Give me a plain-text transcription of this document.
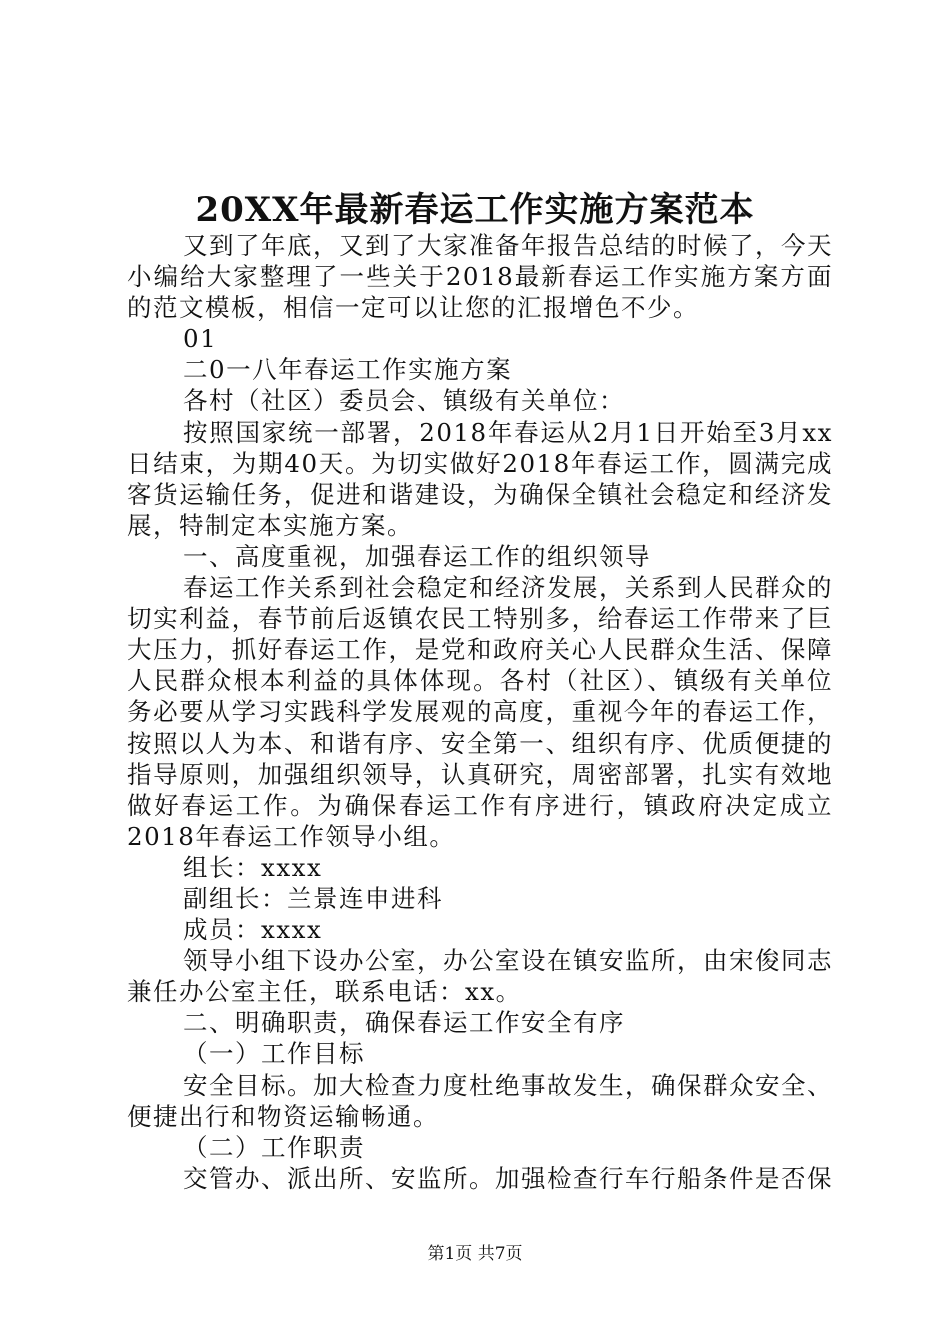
20XX年最新春运工作实施方案范本

又到了年底，又到了大家准备年报告总结的时候了，今天小编给大家整理了一些关于2018最新春运工作实施方案方面的范文模板，相信一定可以让您的汇报增色不少。

01

二0一八年春运工作实施方案

各村（社区）委员会、镇级有关单位：

按照国家统一部署，2018年春运从2月1日开始至3月xx日结束，为期40天。为切实做好2018年春运工作，圆满完成客货运输任务，促进和谐建设，为确保全镇社会稳定和经济发展，特制定本实施方案。

一、高度重视，加强春运工作的组织领导

春运工作关系到社会稳定和经济发展，关系到人民群众的切实利益，春节前后返镇农民工特别多，给春运工作带来了巨大压力，抓好春运工作，是党和政府关心人民群众生活、保障人民群众根本利益的具体体现。各村（社区）、镇级有关单位务必要从学习实践科学发展观的高度，重视今年的春运工作，按照以人为本、和谐有序、安全第一、组织有序、优质便捷的指导原则，加强组织领导，认真研究，周密部署，扎实有效地做好春运工作。为确保春运工作有序进行，镇政府决定成立2018年春运工作领导小组。

组长：xxxx

副组长：兰景连申进科

成员：xxxx

领导小组下设办公室，办公室设在镇安监所，由宋俊同志兼任办公室主任，联系电话：xx。

二、明确职责，确保春运工作安全有序

（一）工作目标

安全目标。加大检查力度杜绝事故发生，确保群众安全、便捷出行和物资运输畅通。

（二）工作职责

交管办、派出所、安监所。加强检查行车行船条件是否保

第1页 共7页
